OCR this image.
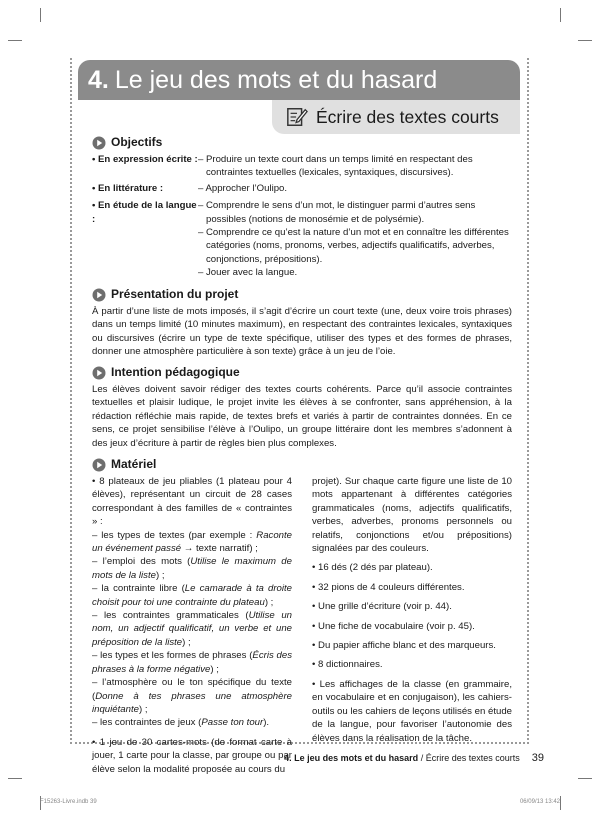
4. Le jeu des mots et du hasard
Écrire des textes courts
Objectifs
• En expression écrite : – Produire un texte court dans un temps limité en respectant des contraintes textuelles (lexicales, syntaxiques, discursives).
• En littérature :	– Approcher l’Oulipo.
• En étude de la langue :
– Comprendre le sens d’un mot, le distinguer parmi d’autres sens possibles (notions de monosémie et de polysémie).
– Comprendre ce qu’est la nature d’un mot et en connaître les différentes catégories (noms, pronoms, verbes, adjectifs qualificatifs, adverbes, conjonctions, prépositions).
– Jouer avec la langue.
Présentation du projet

À partir d’une liste de mots imposés, il s’agit d’écrire un court texte (une, deux voire trois phrases) dans un temps limité (10 minutes maximum), en respectant des contraintes lexicales, syntaxiques ou discursives (écrire un type de texte spécifique, utiliser des types et des formes de phrases, donner une atmosphère particulière à son texte) grâce à un jeu de l’oie.

Intention pédagogique

Les élèves doivent savoir rédiger des textes courts cohérents. Parce qu’il associe contraintes textuelles et plaisir ludique, le projet invite les élèves à se confronter, sans appréhension, à la rédaction réfléchie mais rapide, de textes brefs et variés à partir de contraintes données. En ce sens, ce projet sensibilise l’élève à l’Oulipo, un groupe littéraire dont les membres s’adonnent à des jeux d’écriture à partir de règles bien plus complexes.

Matériel
• 8 plateaux de jeu pliables (1 plateau pour 4 élèves), représentant un circuit de 28 cases correspondant à des familles de « contraintes » :
– les types de textes (par exemple : Raconte un événement passé → texte narratif) ;
– l’emploi des mots (Utilise le maximum de mots de la liste) ;
– la contrainte libre (Le camarade à ta droite choisit pour toi une contrainte du plateau) ;
– les contraintes grammaticales (Utilise un nom, un adjectif qualificatif, un verbe et une préposition de la liste) ;
– les types et les formes de phrases (Écris des phrases à la forme négative) ;
– l’atmosphère ou le ton spécifique du texte (Donne à tes phrases une atmosphère inquiétante) ;
– les contraintes de jeux (Passe ton tour).
• 1 jeu de 30 cartes-mots (de format carte à jouer, 1 carte pour la classe, par groupe ou par élève selon la modalité proposée au cours du
projet). Sur chaque carte figure une liste de 10 mots appartenant à différentes catégories grammaticales (noms, adjectifs qualificatifs, verbes, adverbes, pronoms personnels ou relatifs, conjonctions et/ou prépositions) signalées par des couleurs.
• 16 dés (2 dés par plateau).
• 32 pions de 4 couleurs différentes.
• Une grille d’écriture (voir p. 44).
• Une fiche de vocabulaire (voir p. 45).
• Du papier affiche blanc et des marqueurs.
• 8 dictionnaires.
• Les affichages de la classe (en grammaire, en vocabulaire et en conjugaison), les cahiers-outils ou les cahiers de leçons utilisés en étude de la langue, pour favoriser l’autonomie des élèves dans la réalisation de la tâche.
4. Le jeu des mots et du hasard / Écrire des textes courts 39
F15263-Livre.indb 39	06/09/13 13:42
